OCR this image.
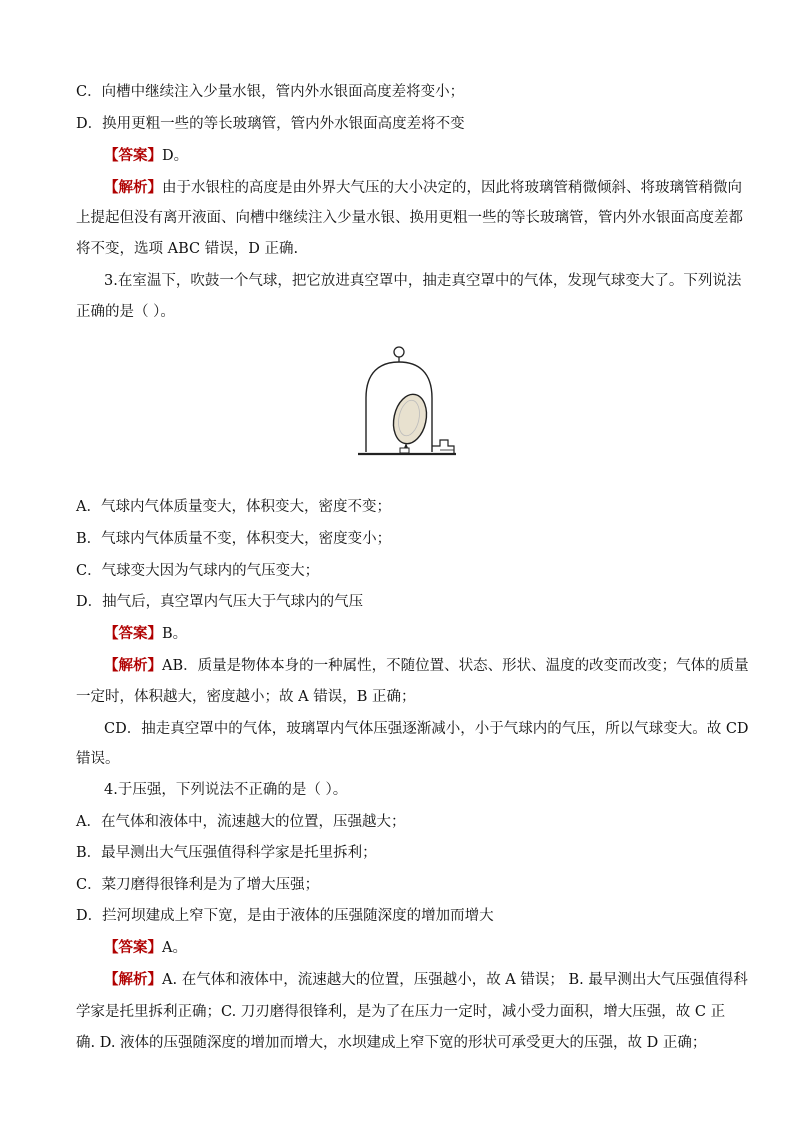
C．向槽中继续注入少量水银，管内外水银面高度差将变小；
D．换用更粗一些的等长玻璃管，管内外水银面高度差将不变
【答案】D。
【解析】由于水银柱的高度是由外界大气压的大小决定的，因此将玻璃管稍微倾斜、将玻璃管稍微向
上提起但没有离开液面、向槽中继续注入少量水银、换用更粗一些的等长玻璃管，管内外水银面高度差都
将不变，选项 ABC 错误，D 正确.
3.在室温下，吹鼓一个气球，把它放进真空罩中，抽走真空罩中的气体，发现气球变大了。下列说法
正确的是（ ）。
A．气球内气体质量变大，体积变大，密度不变；
B．气球内气体质量不变，体积变大，密度变小；
C．气球变大因为气球内的气压变大；
D．抽气后，真空罩内气压大于气球内的气压
【答案】B。
【解析】AB．质量是物体本身的一种属性，不随位置、状态、形状、温度的改变而改变；气体的质量
一定时，体积越大，密度越小；故 A 错误，B 正确；
CD．抽走真空罩中的气体，玻璃罩内气体压强逐渐减小，小于气球内的气压，所以气球变大。故 CD
错误。
4.于压强，下列说法不正确的是（ ）。
A．在气体和液体中，流速越大的位置，压强越大；
B．最早测出大气压强值得科学家是托里拆利；
C．菜刀磨得很锋利是为了增大压强；
D．拦河坝建成上窄下宽，是由于液体的压强随深度的增加而增大
【答案】A。
【解析】A. 在气体和液体中，流速越大的位置，压强越小，故 A 错误； B. 最早测出大气压强值得科
学家是托里拆利正确；C. 刀刃磨得很锋利，是为了在压力一定时，减小受力面积，增大压强，故 C 正
确. D. 液体的压强随深度的增加而增大，水坝建成上窄下宽的形状可承受更大的压强，故 D 正确；
